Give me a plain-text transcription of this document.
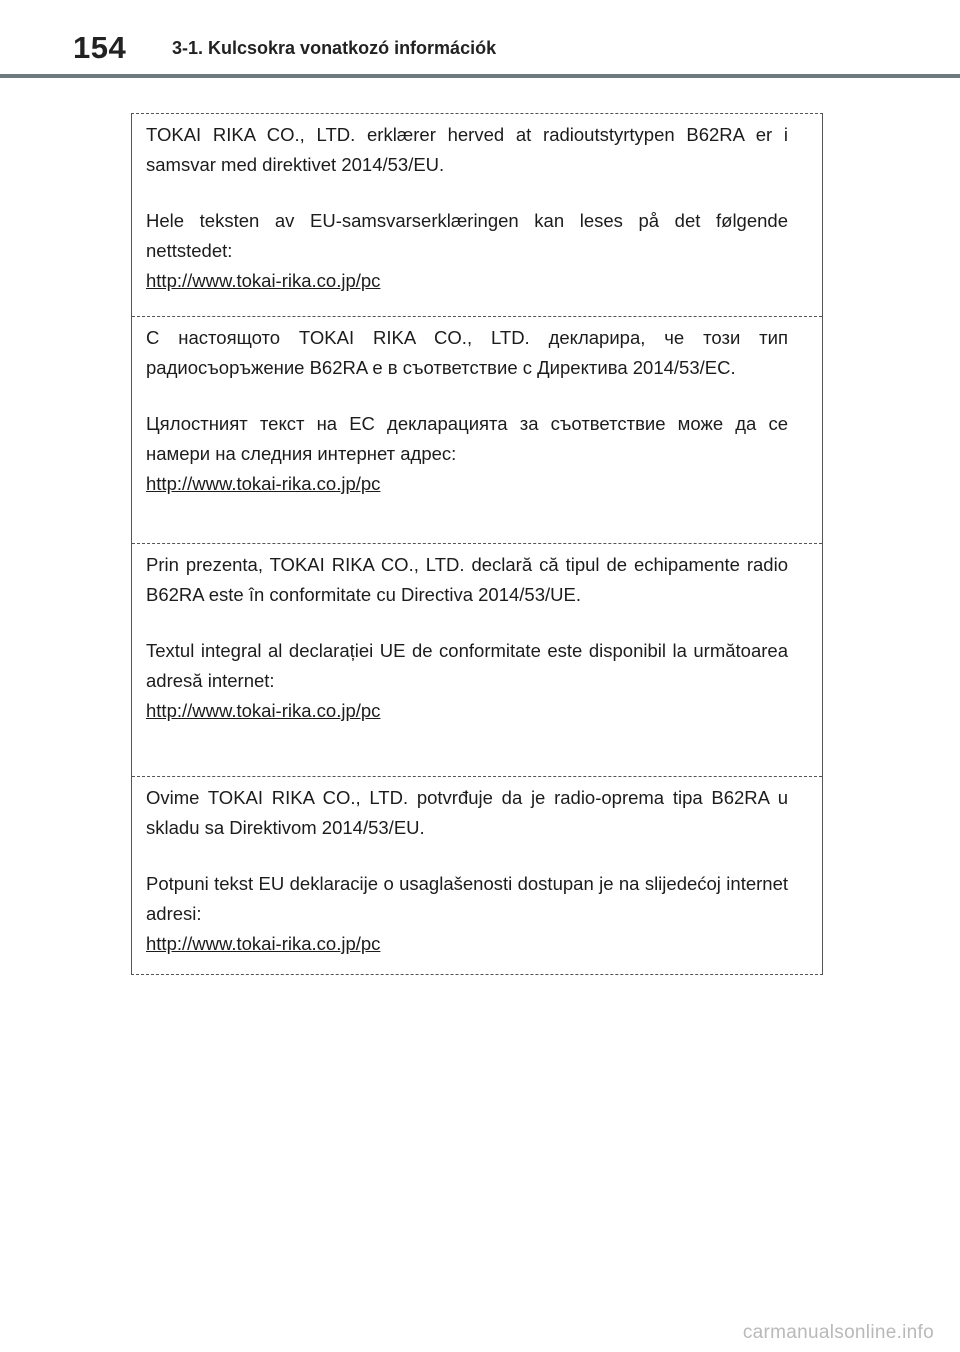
154	3-1. Kulcsokra vonatkozó információk

TOKAI RIKA CO., LTD. erklærer herved at radioutstyrtypen B62RA er i samsvar med direktivet 2014/53/EU.

Hele teksten av EU-samsvarserklæringen kan leses på det følgende nettstedet:

http://www.tokai-rika.co.jp/pc

С настоящото TOKAI RIKA CO., LTD. декларира, че този тип радиосъоръжение B62RA е в съответствие с Директива 2014/53/ЕС.

Цялостният текст на ЕС декларацията за съответствие може да се намери на следния интернет адрес:

http://www.tokai-rika.co.jp/pc

Prin prezenta, TOKAI RIKA CO., LTD. declară că tipul de echipamente radio B62RA este în conformitate cu Directiva 2014/53/UE.

Textul integral al declarației UE de conformitate este disponibil la următoarea adresă internet:

http://www.tokai-rika.co.jp/pc

Ovime TOKAI RIKA CO., LTD. potvrđuje da je radio-oprema tipa B62RA u skladu sa Direktivom 2014/53/EU.

Potpuni tekst EU deklaracije o usaglašenosti dostupan je na slijedećoj internet adresi:

http://www.tokai-rika.co.jp/pc
carmanualsonline.info
